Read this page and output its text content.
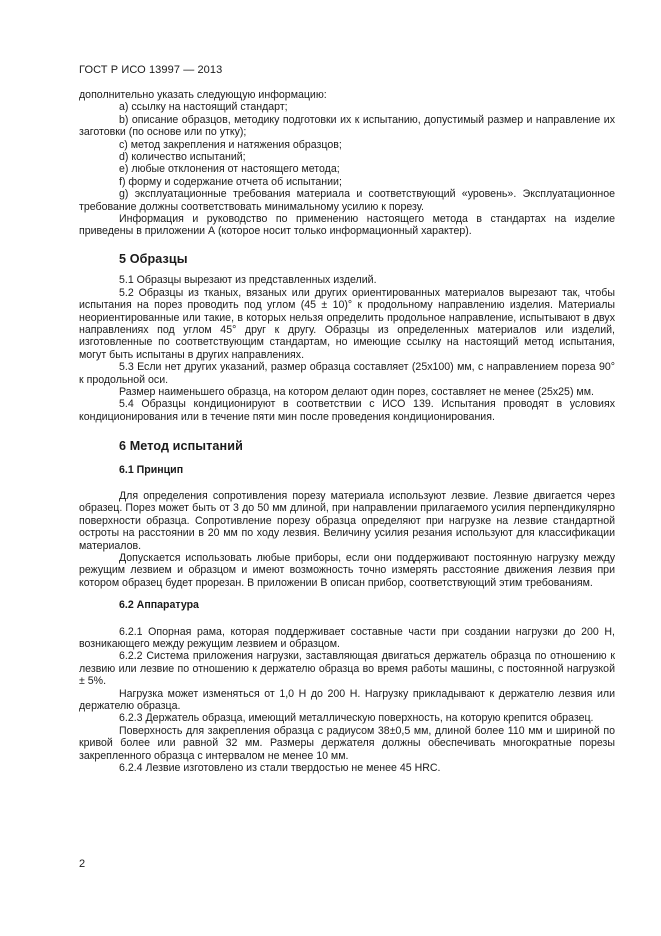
ГОСТ Р ИСО 13997 — 2013

дополнительно указать следующую информацию:

а) ссылку на настоящий стандарт;

b) описание образцов, методику подготовки их к испытанию, допустимый размер и направление их заготовки (по основе или по утку);

с) метод закрепления и натяжения образцов;

d) количество испытаний;

е) любые отклонения от настоящего метода;

f) форму и содержание отчета об испытании;

g) эксплуатационные требования материала и соответствующий «уровень». Эксплуатационное требование должны соответствовать минимальному усилию к порезу.

Информация и руководство по применению настоящего метода в стандартах на изделие приведены в приложении А (которое носит только информационный характер).

5 Образцы

5.1 Образцы вырезают из представленных изделий.

5.2 Образцы из тканых, вязаных или других ориентированных материалов вырезают так, чтобы испытания на порез проводить под углом (45 ± 10)° к продольному направлению изделия. Материалы неориентированные или такие, в которых нельзя определить продольное направление, испытывают в двух направлениях под углом 45° друг к другу. Образцы из определенных материалов или изделий, изготовленные по соответствующим стандартам, но имеющие ссылку на настоящий метод испытания, могут быть испытаны в других направлениях.

5.3 Если нет других указаний, размер образца составляет (25х100) мм, с направлением пореза 90° к продольной оси.

Размер наименьшего образца, на котором делают один порез, составляет не менее (25х25) мм.

5.4 Образцы кондиционируют в соответствии с ИСО 139. Испытания проводят в условиях кондиционирования или в течение пяти мин после проведения кондиционирования.

6 Метод испытаний
6.1 Принцип

Для определения сопротивления порезу материала используют лезвие. Лезвие двигается через образец. Порез может быть от 3 до 50 мм длиной, при направлении прилагаемого усилия перпендикулярно поверхности образца. Сопротивление порезу образца определяют при нагрузке на лезвие стандартной остроты на расстоянии в 20 мм по ходу лезвия. Величину усилия резания используют для классификации материалов.

Допускается использовать любые приборы, если они поддерживают постоянную нагрузку между режущим лезвием и образцом и имеют возможность точно измерять расстояние движения лезвия при котором образец будет прорезан. В приложении В описан прибор, соответствующий этим требованиям.

6.2 Аппаратура

6.2.1 Опорная рама, которая поддерживает составные части при создании нагрузки до 200 Н, возникающего между режущим лезвием и образцом.

6.2.2 Система приложения нагрузки, заставляющая двигаться держатель образца по отношению к лезвию или лезвие по отношению к держателю образца во время работы машины, с постоянной нагрузкой ± 5%.

Нагрузка может изменяться от 1,0 Н до 200 Н. Нагрузку прикладывают к держателю лезвия или держателю образца.

6.2.3 Держатель образца, имеющий металлическую поверхность, на которую крепится образец.

Поверхность для закрепления образца с радиусом 38±0,5 мм, длиной более 110 мм и шириной по кривой более или равной 32 мм. Размеры держателя должны обеспечивать многократные порезы закрепленного образца с интервалом не менее 10 мм.

6.2.4 Лезвие изготовлено из стали твердостью не менее 45 HRC.

2
